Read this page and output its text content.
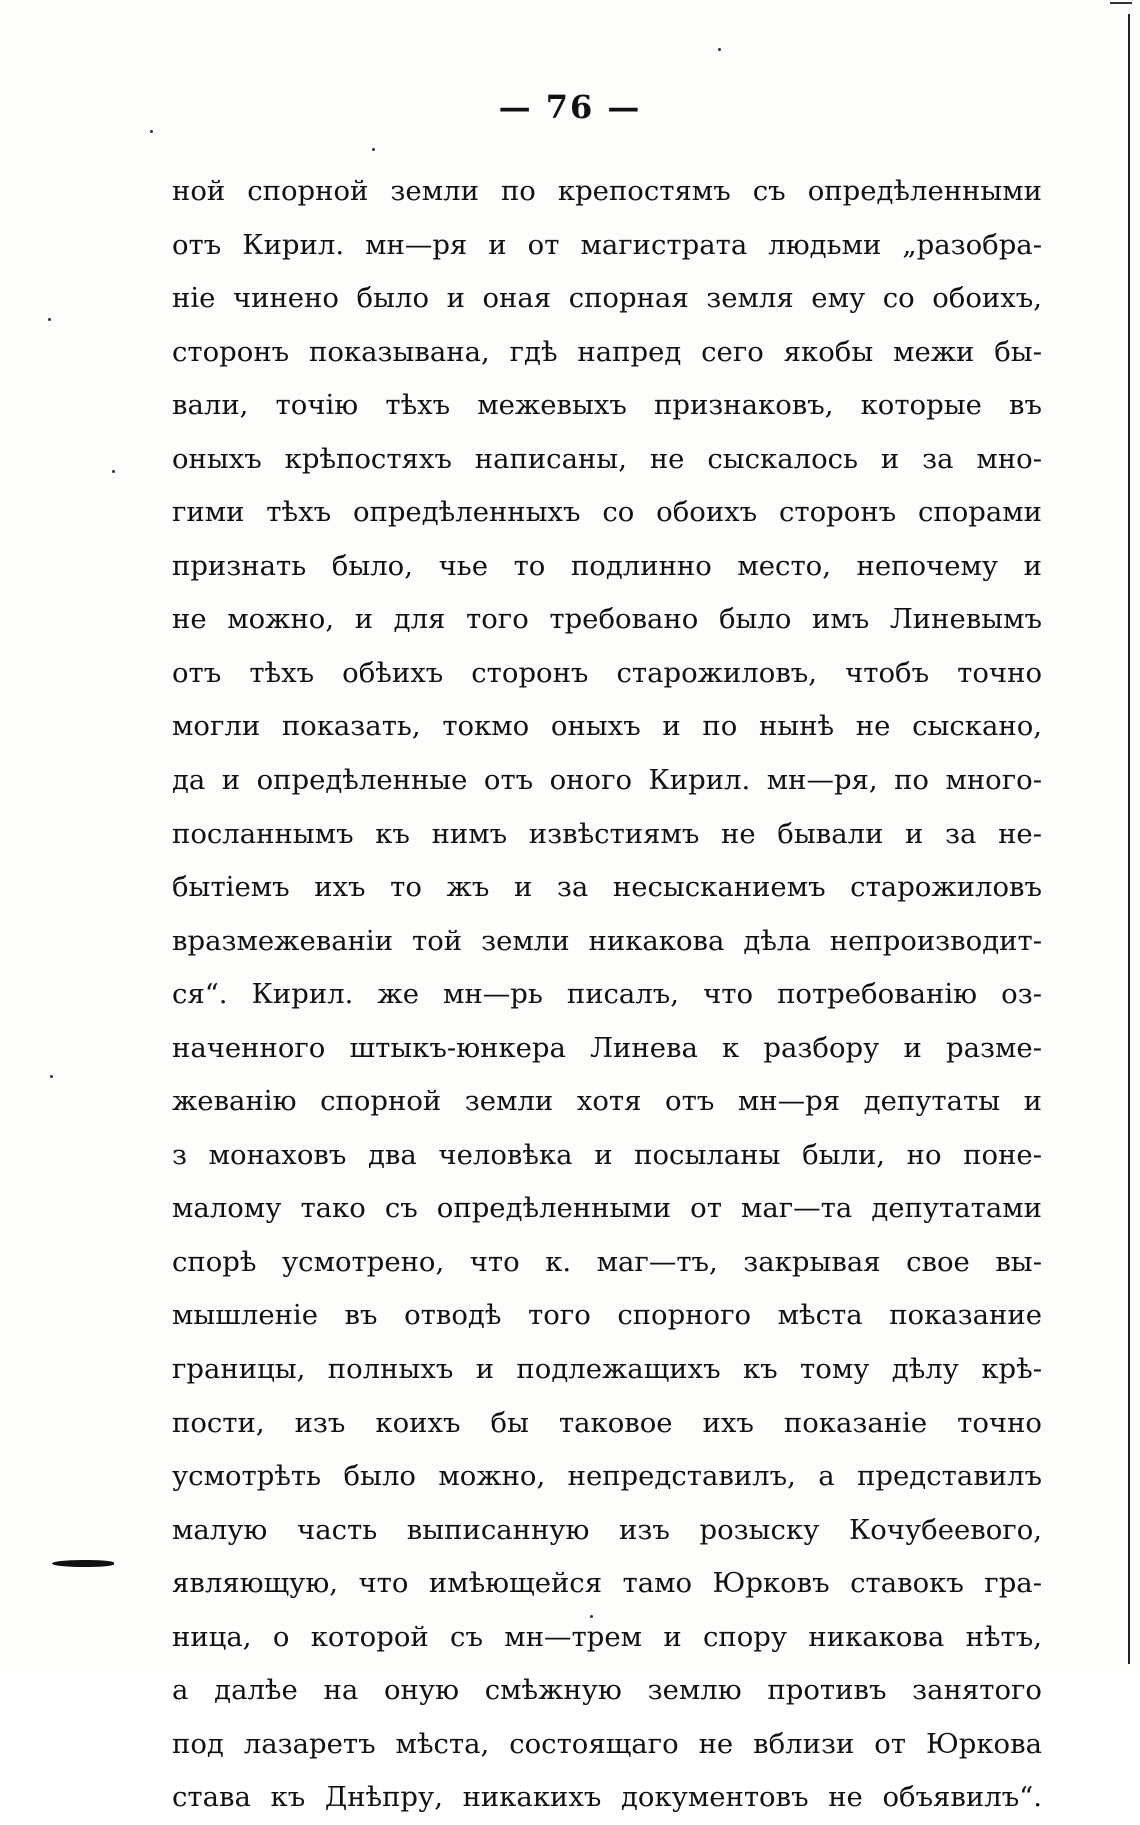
— 76 —
ной спорной земли по крепостямъ съ опредѣленными
отъ Кирил. мн—ря и от магистрата людьми „разобра-
ніе чинено было и оная спорная земля ему со обоихъ,
сторонъ показывана, гдѣ напред сего якобы межи бы-
вали, точію тѣхъ межевыхъ признаковъ, которые въ
оныхъ крѣпостяхъ написаны, не сыскалось и за мно-
гими тѣхъ опредѣленныхъ со обоихъ сторонъ спорами
признать было, чье то подлинно место, непочему и
не можно, и для того требовано было имъ Линевымъ
отъ тѣхъ обѣихъ сторонъ старожиловъ, чтобъ точно
могли показать, токмо оныхъ и по нынѣ не сыскано,
да и опредѣленные отъ оного Кирил. мн—ря, по много-
посланнымъ къ нимъ извѣстиямъ не бывали и за не-
бытіемъ ихъ то жъ и за несысканиемъ старожиловъ
вразмежеваніи той земли никакова дѣла непроизводит-
ся“. Кирил. же мн—рь писалъ, что потребованію оз-
наченного штыкъ-юнкера Линева к разбору и разме-
жеванію спорной земли хотя отъ мн—ря депутаты и
з монаховъ два человѣка и посыланы были, но поне-
малому тако съ опредѣленными от маг—та депутатами
спорѣ усмотрено, что к. маг—тъ, закрывая свое вы-
мышленіе въ отводѣ того спорного мѣста показание
границы, полныхъ и подлежащихъ къ тому дѣлу крѣ-
пости, изъ коихъ бы таковое ихъ показаніе точно
усмотрѣть было можно, непредставилъ, а представилъ
малую часть выписанную изъ розыску Кочубеевого,
являющую, что имѣющейся тамо Юрковъ ставокъ гра-
ница, о которой съ мн—трем и спору никакова нѣтъ,
а далѣе на оную смѣжную землю противъ занятого
под лазаретъ мѣста, состоящаго не вблизи от Юркова
става къ Днѣпру, никакихъ документовъ не объявилъ“.
